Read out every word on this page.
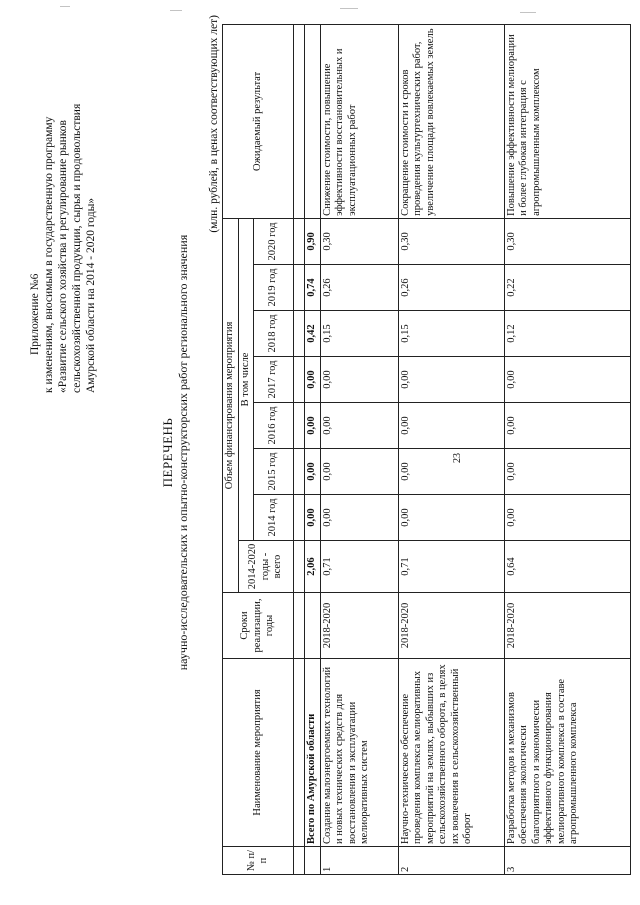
23
Приложение №6 к изменениям, вносимым в государственную программу «Развитие сельского хозяйства и регулирование рынков сельскохозяйственной продукции, сырья и продовольствия Амурской области на 2014 - 2020 годы»
ПЕРЕЧЕНЬ научно-исследовательских и опытно-конструкторских работ регионального значения
(млн. рублей, в ценах соответствующих лет)
№ п/п	Наименование мероприятия	Сроки реализации, годы	Объем финансирования мероприятия								Ожидаемый результат
			2014-2020 годы - всего	В том числе							
				2014 год	2015 год	2016 год	2017 год	2018 год	2019 год	2020 год	

	Всего по Амурской области		2,06	0,00	0,00	0,00	0,00	0,42	0,74	0,90	
1	Создание малоэнергоемких технологий и новых технических средств для восстановления и эксплуатации мелиоративных систем	2018-2020	0,71	0,00	0,00	0,00	0,00	0,15	0,26	0,30	Снижение стоимости, повышение эффективности восстановительных и эксплуатационных работ
2	Научно-техническое обеспечение проведения комплекса мелиоративных мероприятий на землях, выбывших из сельскохозяйственного оборота, в целях их вовлечения в сельскохозяйственный оборот	2018-2020	0,71	0,00	0,00	0,00	0,00	0,15	0,26	0,30	Сокращение стоимости и сроков проведения культуртехнических работ, увеличение площади вовлекаемых земель
3	Разработка методов и механизмов обеспечения экологически благоприятного и экономически эффективного функционирования мелиоративного комплекса в составе агропромышленного комплекса	2018-2020	0,64	0,00	0,00	0,00	0,00	0,12	0,22	0,30	Повышение эффективности мелиорации и более глубокая интеграция с агропромышленным комплексом
